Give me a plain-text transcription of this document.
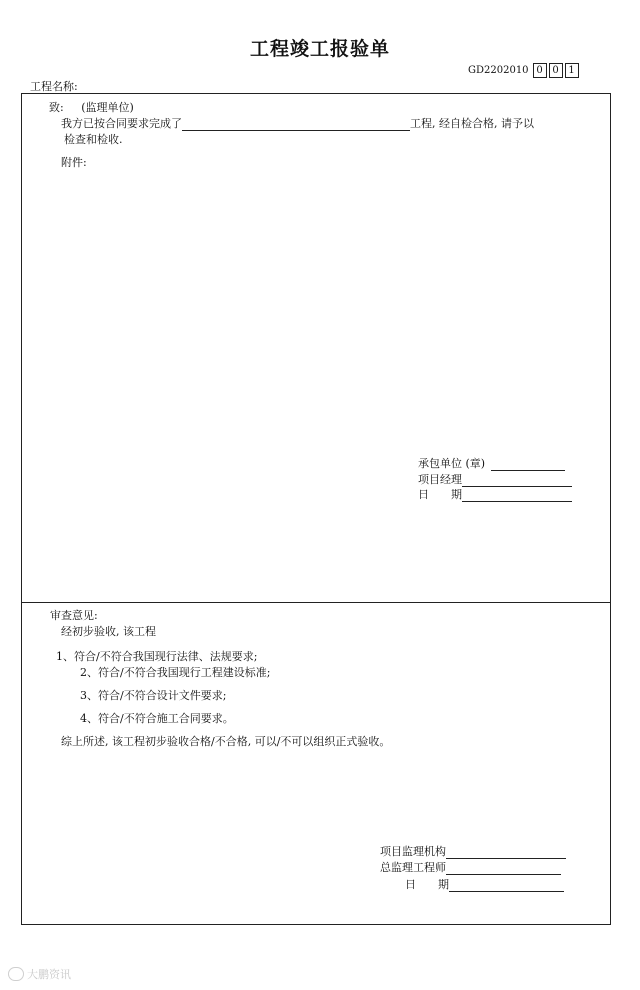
工程竣工报验单
GD2202010 0 0 1
工程名称:
致: (监理单位)
我方已按合同要求完成了	工程, 经自检合格, 请予以
检查和检收.
附件:
承包单位 (章)
项目经理
日　　期
审查意见:
经初步验收, 该工程
1、符合/不符合我国现行法律、法规要求;
2、符合/不符合我国现行工程建设标准;
3、符合/不符合设计文件要求;
4、符合/不符合施工合同要求。
综上所述, 该工程初步验收合格/不合格, 可以/不可以组织正式验收。
项目监理机构
总监理工程师
日　　期
大鹏资讯
